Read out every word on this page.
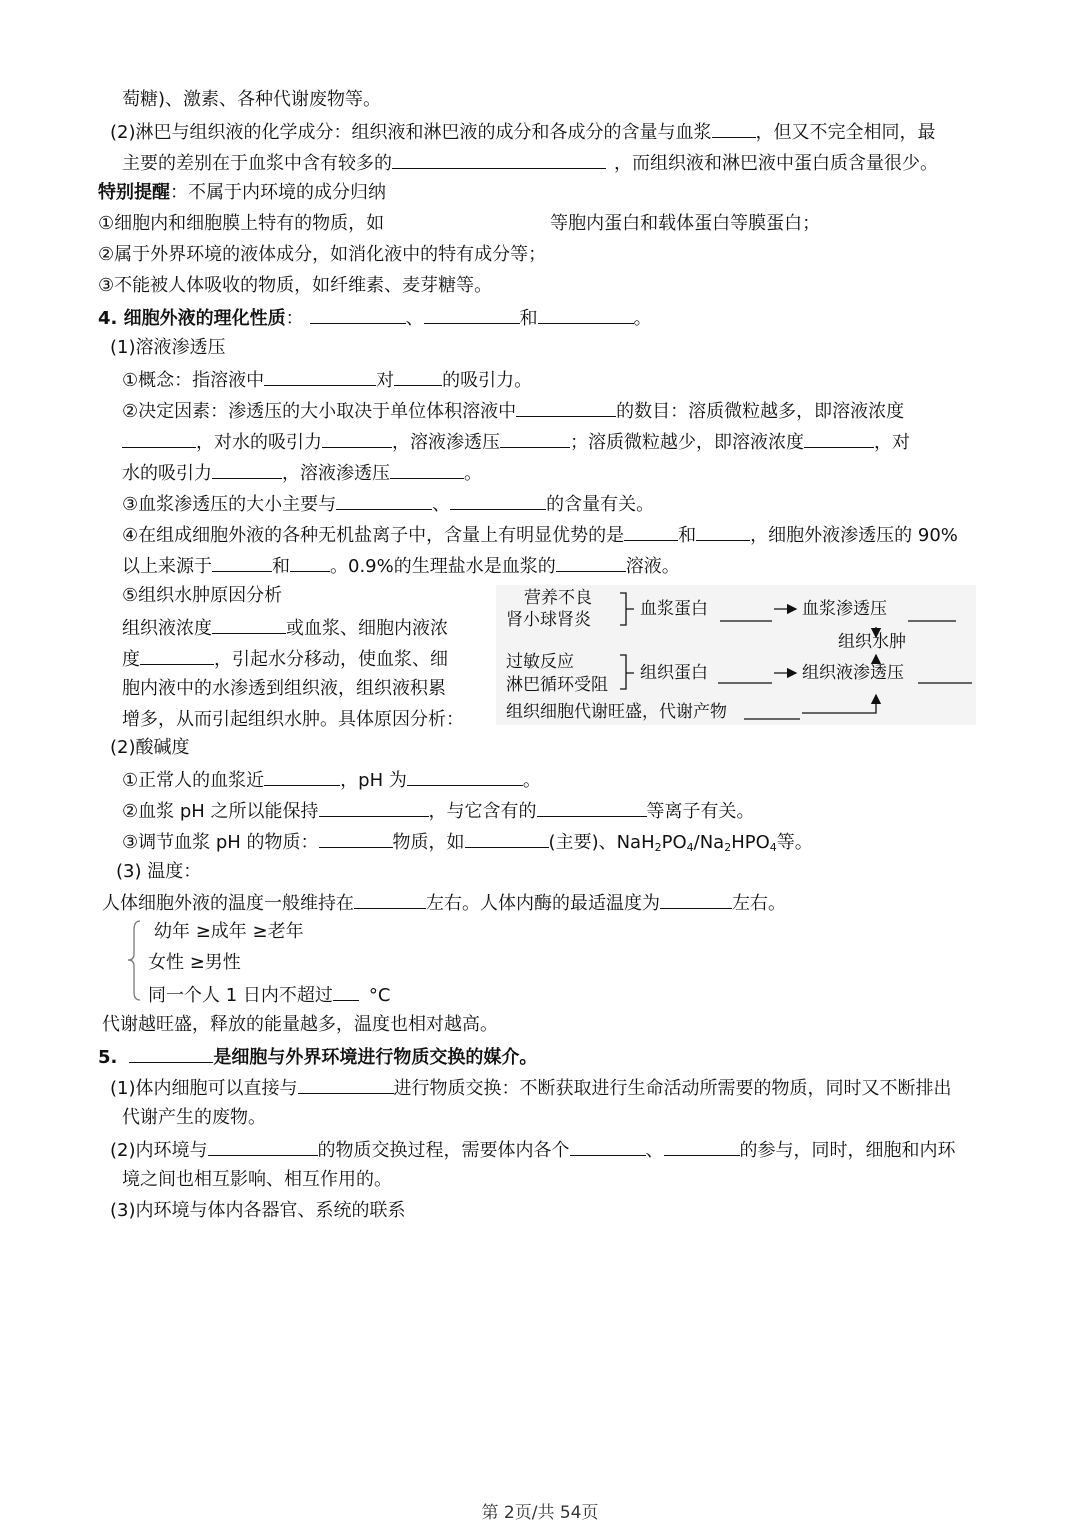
萄糖)、激素、各种代谢废物等。
(2)淋巴与组织液的化学成分：组织液和淋巴液的成分和各成分的含量与血浆 ，但又不完全相同，最
主要的差别在于血浆中含有较多的	，而组织液和淋巴液中蛋白质含量很少。
特别提醒：不属于内环境的成分归纳
①细胞内和细胞膜上特有的物质，如	等胞内蛋白和载体蛋白等膜蛋白；
②属于外界环境的液体成分，如消化液中的特有成分等；
③不能被人体吸收的物质，如纤维素、麦芽糖等。
4. 细胞外液的理化性质：	、	和	。
(1)溶液渗透压
①概念：指溶液中	对	的吸引力。
②决定因素：渗透压的大小取决于单位体积溶液中	的数目：溶质微粒越多，即溶液浓度
，对水的吸引力	，溶液渗透压	；溶质微粒越少，即溶液浓度	，对
水的吸引力	，溶液渗透压	。
③血浆渗透压的大小主要与	、	的含量有关。
④在组成细胞外液的各种无机盐离子中，含量上有明显优势的是	和	，细胞外液渗透压的 90%
以上来源于	和 。0.9%的生理盐水是血浆的	溶液。
⑤组织水肿原因分析
组织液浓度	或血浆、细胞内液浓
度	，引起水分移动，使血浆、细
胞内液中的水渗透到组织液，组织液积累
增多，从而引起组织水肿。具体原因分析：
营养不良
肾小球肾炎
血浆蛋白	血浆渗透压
组织水肿
过敏反应
淋巴循环受阻
组织蛋白	组织液渗透压
组织细胞代谢旺盛，代谢产物
(2)酸碱度
①正常人的血浆近	，pH 为	。
②血浆 pH 之所以能保持	，与它含有的	等离子有关。
③调节血浆 pH 的物质：	物质，如	(主要)、$NaH_2PO_4/Na_2HPO_4$等。
(3) 温度：
人体细胞外液的温度一般维持在	左右。人体内酶的最适温度为	左右。
幼年 ≥成年 ≥老年
女性 ≥男性
同一个人 1 日内不超过 °C
代谢越旺盛，释放的能量越多，温度也相对越高。
5.	是细胞与外界环境进行物质交换的媒介。
(1)体内细胞可以直接与	进行物质交换：不断获取进行生命活动所需要的物质，同时又不断排出
代谢产生的废物。
(2)内环境与	的物质交换过程，需要体内各个	、	的参与，同时，细胞和内环
境之间也相互影响、相互作用的。
(3)内环境与体内各器官、系统的联系
第 2页/共 54页
